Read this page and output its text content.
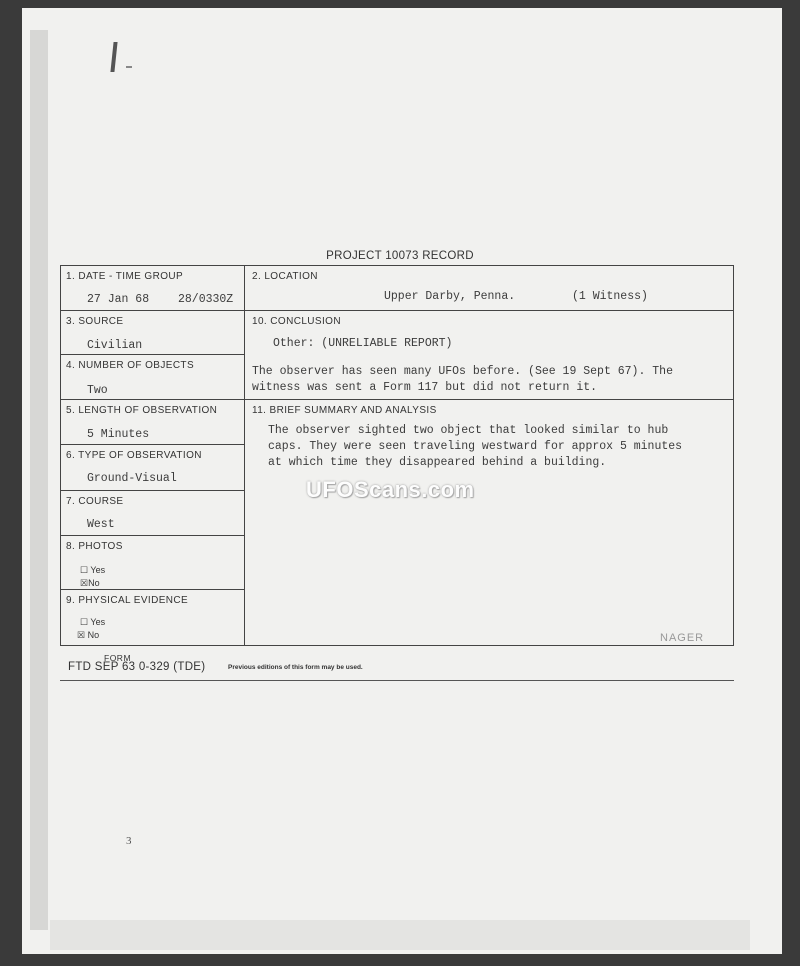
PROJECT 10073 RECORD
1. DATE - TIME GROUP
27 Jan 68	28/0330Z
2. LOCATION
Upper Darby, Penna.	(1 Witness)
3. SOURCE
Civilian
4. NUMBER OF OBJECTS
Two
5. LENGTH OF OBSERVATION
5 Minutes
6. TYPE OF OBSERVATION
Ground-Visual
7. COURSE
West
8. PHOTOS
☐ Yes
☒No
9. PHYSICAL EVIDENCE
☐ Yes
☒ No
10. CONCLUSION
Other: (UNRELIABLE REPORT)
The observer has seen many UFOs before. (See 19 Sept 67). The
witness was sent a Form 117 but did not return it.
11. BRIEF SUMMARY AND ANALYSIS
The observer sighted two object that looked similar to hub
caps. They were seen traveling westward for approx 5 minutes
at which time they disappeared behind a building.
NAGER
UFOScans.com
FORM
FTD SEP 63 0-329 (TDE)	Previous editions of this form may be used.
3
